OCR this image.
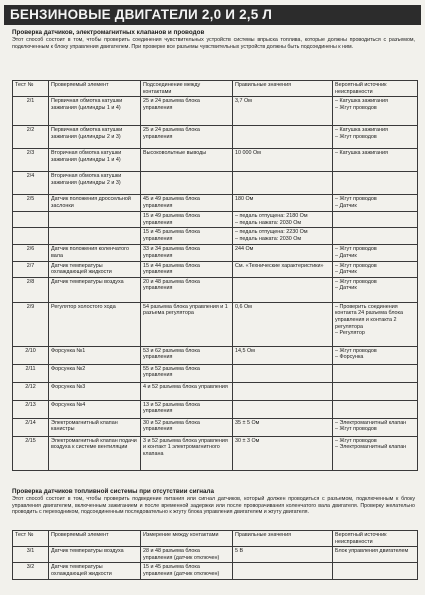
БЕНЗИНОВЫЕ ДВИГАТЕЛИ 2,0 И 2,5 Л
Проверка датчиков, электромагнитных клапанов и проводов
Этот способ состоит в том, чтобы проверить соединения чувствительных устройств системы впрыска топлива, которые должны проводиться с разъемом, подключенным к блоку управления двигателем. При проверке все разъемы чувствительных устройств должны быть подсоединены к ним.
Тест №	Проверяемый элемент	Подсоединение между контактами	Правильные значения	Вероятный источник неисправности
2/1	Первичная обмотка катушки зажигания (цилиндры 1 и 4)	25 и 24 разъема блока управления	3,7 Ом	– Катушка зажигания
– Жгут проводов
2/2	Первичная обмотка катушки зажигания (цилиндры 2 и 3)	25 и 24 разъема блока управления		– Катушка зажигания
– Жгут проводов
2/3	Вторичная обмотка катушки зажигания (цилиндры 1 и 4)	Высоковольтные выводы	10 000 Ом	– Катушка зажигания
2/4	Вторичная обмотка катушки зажигания (цилиндры 2 и 3)			
2/5	Датчик положения дроссельной заслонки	45 и 49 разъема блока управления	180 Ом	– Жгут проводов
– Датчик
		15 и 49 разъема блока управления	– педаль отпущена: 2180 Ом
– педаль нажата: 2030 Ом	
		15 и 45 разъема блока управления	– педаль отпущена: 2230 Ом
– педаль нажата: 2030 Ом	
2/6	Датчик положения коленчатого вала	33 и 34 разъема блока управления	244 Ом	– Жгут проводов
– Датчик
2/7	Датчик температуры охлаждающей жидкости	15 и 44 разъема блока управления	См. «Технические характеристики»	– Жгут проводов
– Датчик
2/8	Датчик температуры воздуха	20 и 48 разъема блока управления		– Жгут проводов
– Датчик
2/9	Регулятор холостого хода	54 разъема блока управления и 1 разъема регулятора	0,6 Ом	– Проверить соединения контакта 24 разъема блока управления и контакта 2 регулятора
– Регулятор
2/10	Форсунка №1	53 и 62 разъема блока управления	14,5 Ом	– Жгут проводов
– Форсунка
2/11	Форсунка №2	55 и 52 разъема блока управления		
2/12	Форсунка №3	4 и 52 разъема блока управления		
2/13	Форсунка №4	13 и 52 разъема блока управления		
2/14	Электромагнитный клапан канистры	30 и 52 разъема блока управления	35 ± 5 Ом	– Электромагнитный клапан
– Жгут проводов
2/15	Электромагнитный клапан подачи воздуха к системе вентиляции	3 и 52 разъема блока управления и контакт 1 электромагнитного клапана	30 ± 3 Ом	– Жгут проводов
– Электромагнитный клапан
Проверка датчиков топливной системы при отсутствии сигнала
Этот способ состоит в том, чтобы проверить подведение питания или сигнал датчиков, который должен проводиться с разъемом, подключенным к блоку управления двигателем, включенным зажиганием и после временной задержки или после проворачивания коленчатого вала двигателя. Проверку желательно проводить с переходником, подсоединенным последовательно к жгуту блока управления двигателем и жгуту двигателя.
Тест №	Проверяемый элемент	Измерение между контактами	Правильные значения	Вероятный источник неисправности
3/1	Датчик температуры воздуха	28 и 48 разъема блока управления (датчик отключен)	5 В	Блок управления двигателем
3/2	Датчик температуры охлаждающей жидкости	15 и 45 разъема блока управления (датчик отключен)		
